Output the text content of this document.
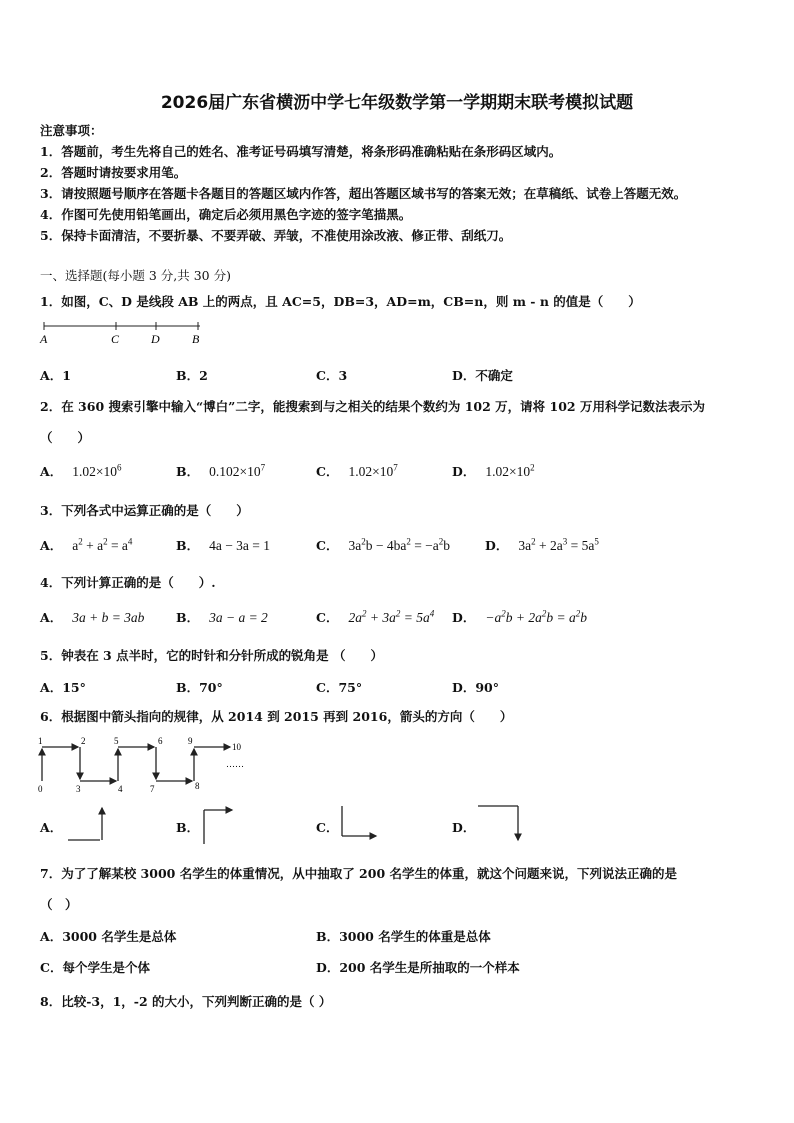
2026届广东省横沥中学七年级数学第一学期期末联考模拟试题
注意事项：
1．答题前，考生先将自己的姓名、准考证号码填写清楚，将条形码准确粘贴在条形码区域内。
2．答题时请按要求用笔。
3．请按照题号顺序在答题卡各题目的答题区域内作答，超出答题区域书写的答案无效；在草稿纸、试卷上答题无效。
4．作图可先使用铅笔画出，确定后必须用黑色字迹的签字笔描黑。
5．保持卡面清洁，不要折暴、不要弄破、弄皱，不准使用涂改液、修正带、刮纸刀。
一、选择题(每小题 3 分,共 30 分)
1．如图，C、D 是线段 AB 上的两点，且 AC=5，DB=3，AD=m，CB=n，则 m - n 的值是（　　）
A	C	D	B
A．1	B．2	C．3	D．不确定
2．在 360 搜索引擎中输入“博白”二字，能搜索到与之相关的结果个数约为 102 万，请将 102 万用科学记数法表示为
（　　）
A． $1.02\times 10^6$	B． $0.102\times 10^7$	C． $1.02\times 10^7$	D． $1.02\times 10^2$
3．下列各式中运算正确的是（　　）
A． $a^2 + a^2 = a^4$	B． 4a − 3a = 1	C． $3a^2b - 4ba^2 = -a^2b$	D． $3a^2 + 2a^3 = 5a^5$
4．下列计算正确的是（　　）.
A． 3a + b = 3ab	B． 3a − a = 2	C． $2a^2 + 3a^2 = 5a^4$ D． $-a^2b + 2a^2b = a^2b$
5．钟表在 3 点半时，它的时针和分针所成的锐角是 （　　）
A．15°	B．70°	C．75°	D．90°
6．根据图中箭头指向的规律，从 2014 到 2015 再到 2016，箭头的方向（　　）
1	2
3	4
5	6
7	8
9
10
0
……
A．	B．	C．	D．
7．为了了解某校 3000 名学生的体重情况，从中抽取了 200 名学生的体重，就这个问题来说，下列说法正确的是
（　）
A．3000 名学生是总体	B．3000 名学生的体重是总体
C．每个学生是个体	D．200 名学生是所抽取的一个样本
8．比较-3，1，-2 的大小，下列判断正确的是（ ）
